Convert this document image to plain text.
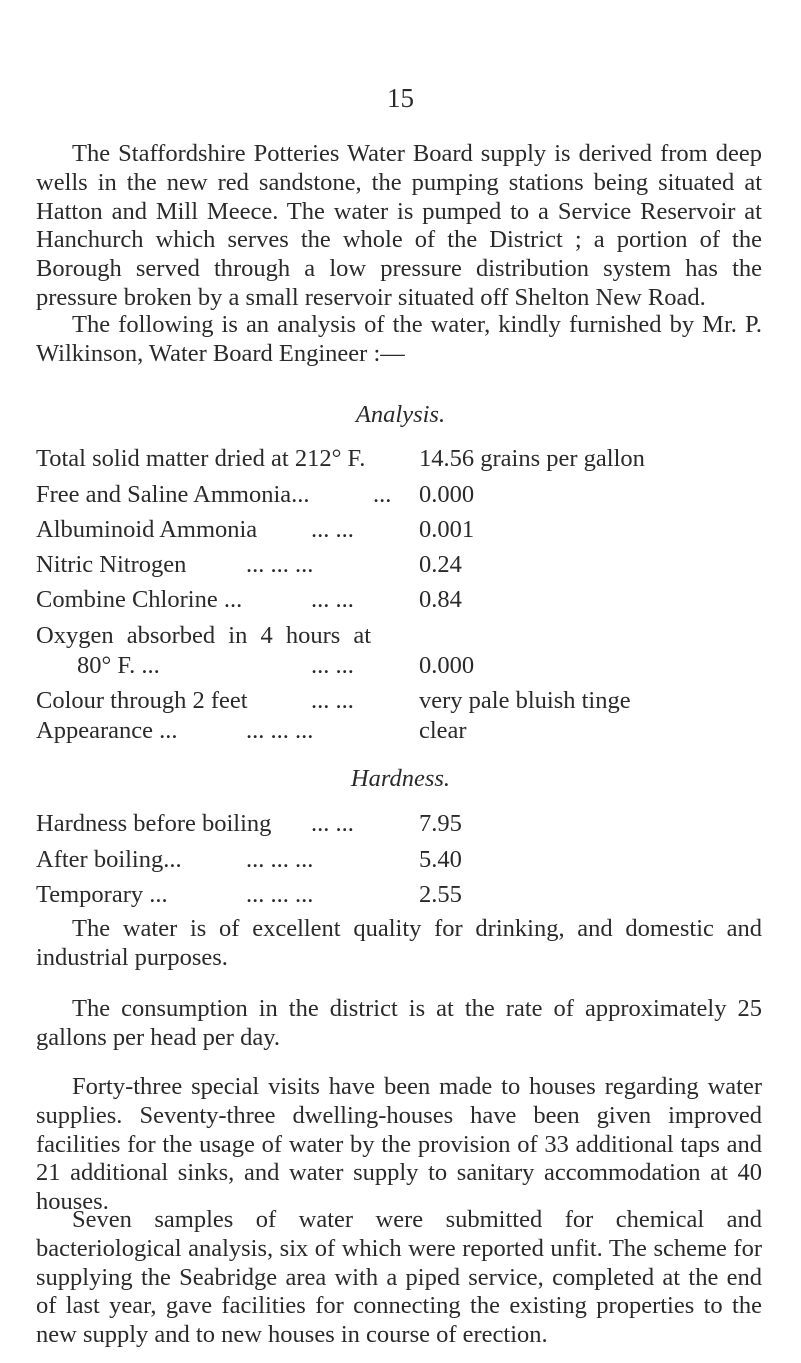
15

The Staffordshire Potteries Water Board supply is derived from deep wells in the new red sandstone, the pumping stations being situated at Hatton and Mill Meece. The water is pumped to a Service Reservoir at Hanchurch which serves the whole of the District ; a portion of the Borough served through a low pressure distribution system has the pressure broken by a small reservoir situated off Shelton New Road.

The following is an analysis of the water, kindly furnished by Mr. P. Wilkinson, Water Board Engineer :—

Analysis.
Total solid matter dried at 212° F. 14.56 grains per gallon
Free and Saline Ammonia...	... 0.000
Albuminoid Ammonia ... ...	0.001
Nitric Nitrogen ... ... ...	0.24
Combine Chlorine ...	... ...	0.84
Oxygen absorbed in 4 hours at
80° F. ...	... ...	0.000
Colour through 2 feet	... ...	very pale bluish tinge
Appearance ...	... ... ...	clear
Hardness.
Hardness before boiling ... ...	7.95
After boiling...	... ... ...	5.40
Temporary ...	... ... ...	2.55

The water is of excellent quality for drinking, and domestic and industrial purposes.

The consumption in the district is at the rate of approximately 25 gallons per head per day.

Forty-three special visits have been made to houses regarding water supplies. Seventy-three dwelling-houses have been given improved facilities for the usage of water by the provision of 33 additional taps and 21 additional sinks, and water supply to sanitary accommodation at 40 houses.

Seven samples of water were submitted for chemical and bacteriological analysis, six of which were reported unfit. The scheme for supplying the Seabridge area with a piped service, completed at the end of last year, gave facilities for connecting the existing properties to the new supply and to new houses in course of erection.
